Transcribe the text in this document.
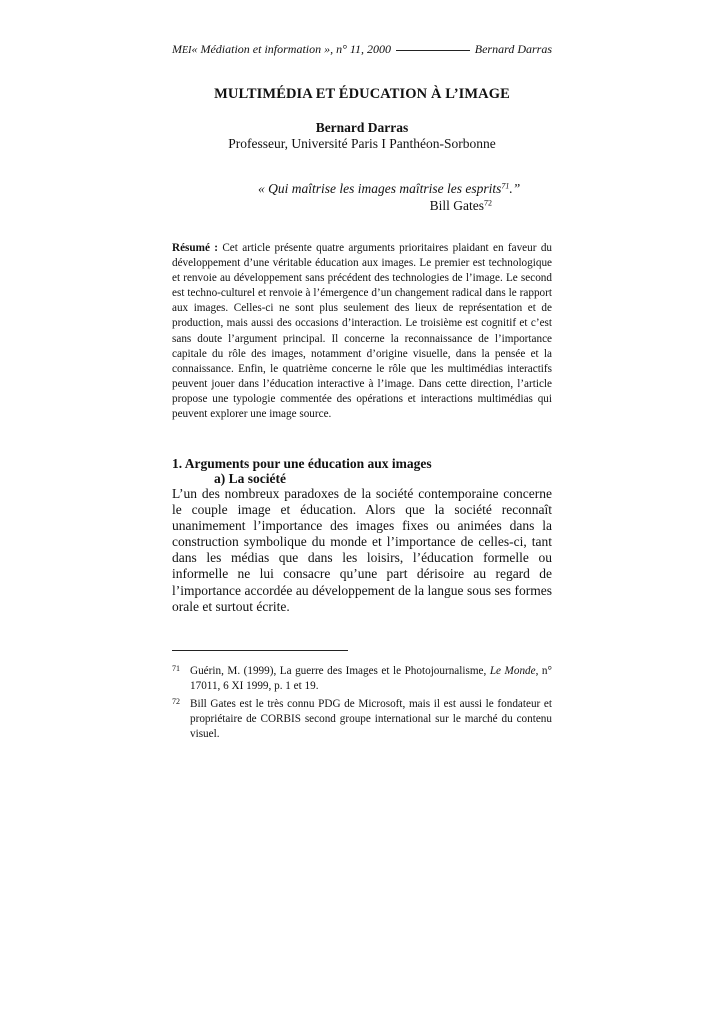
MEI « Médiation et information », n° 11, 2000	Bernard Darras
MULTIMÉDIA ET ÉDUCATION À L’IMAGE
Bernard Darras
Professeur, Université Paris I Panthéon-Sorbonne
« Qui maîtrise les images maîtrise les esprits$^{71}$.”
Bill Gates$^{72}$
Résumé : Cet article présente quatre arguments prioritaires plaidant en faveur du développement d’une véritable éducation aux images. Le premier est technologique et renvoie au développement sans précédent des technologies de l’image. Le second est techno-culturel et renvoie à l’émergence d’un changement radical dans le rapport aux images. Celles-ci ne sont plus seulement des lieux de représentation et de production, mais aussi des occasions d’interaction. Le troisième est cognitif et c’est sans doute l’argument principal. Il concerne la reconnaissance de l’importance capitale du rôle des images, notamment d’origine visuelle, dans la pensée et la connaissance. Enfin, le quatrième concerne le rôle que les multimédias interactifs peuvent jouer dans l’éducation interactive à l’image. Dans cette direction, l’article propose une typologie commentée des opérations et interactions multimédias qui peuvent explorer une image source.
1. Arguments pour une éducation aux images
a) La société
L’un des nombreux paradoxes de la société contemporaine concerne le couple image et éducation. Alors que la société reconnaît unanimement l’importance des images fixes ou animées dans la construction symbolique du monde et l’importance de celles-ci, tant dans les médias que dans les loisirs, l’éducation formelle ou informelle ne lui consacre qu’une part dérisoire au regard de l’importance accordée au développement de la langue sous ses formes orale et surtout écrite.
71 Guérin, M. (1999), La guerre des Images et le Photojournalisme, Le Monde, n° 17011, 6 XI 1999, p. 1 et 19.
72 Bill Gates est le très connu PDG de Microsoft, mais il est aussi le fondateur et propriétaire de CORBIS second groupe international sur le marché du contenu visuel.
